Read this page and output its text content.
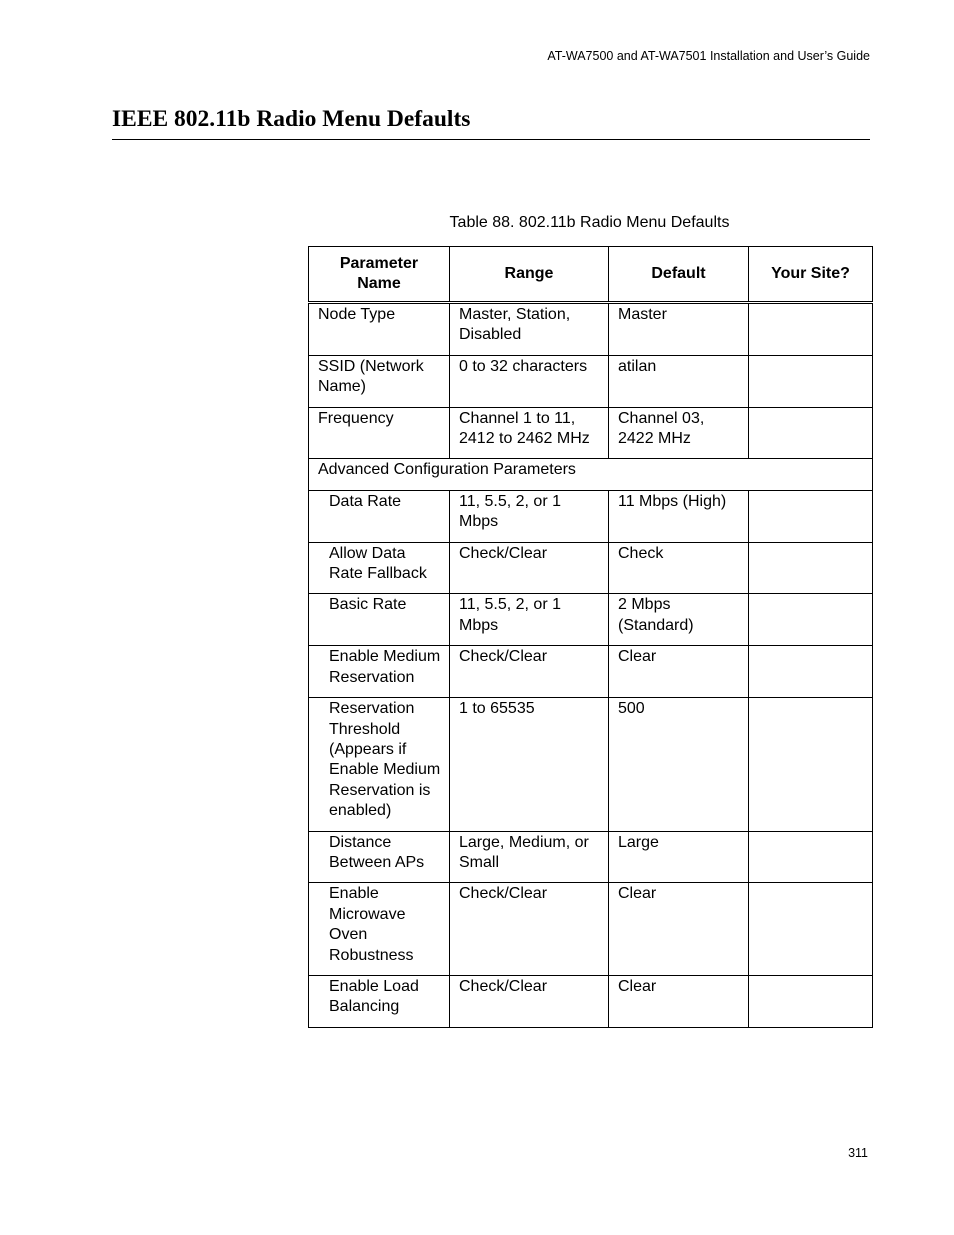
AT-WA7500 and AT-WA7501 Installation and User’s Guide
IEEE 802.11b Radio Menu Defaults
Table 88. 802.11b Radio Menu Defaults
Parameter Name	Range	Default	Your Site?
Node Type	Master, Station, Disabled	Master	
SSID (Network Name)	0 to 32 characters	atilan	
Frequency	Channel 1 to 11, 2412 to 2462 MHz	Channel 03, 2422 MHz	
Advanced Configuration Parameters			
Data Rate	11, 5.5, 2, or 1 Mbps	11 Mbps (High)	
Allow Data Rate Fallback	Check/Clear	Check	
Basic Rate	11, 5.5, 2, or 1 Mbps	2 Mbps (Standard)	
Enable Medium Reservation	Check/Clear	Clear	
Reservation Threshold (Appears if Enable Medium Reservation is enabled)	1 to 65535	500	
Distance Between APs	Large, Medium, or Small	Large	
Enable Microwave Oven Robustness	Check/Clear	Clear	
Enable Load Balancing	Check/Clear	Clear	
311
